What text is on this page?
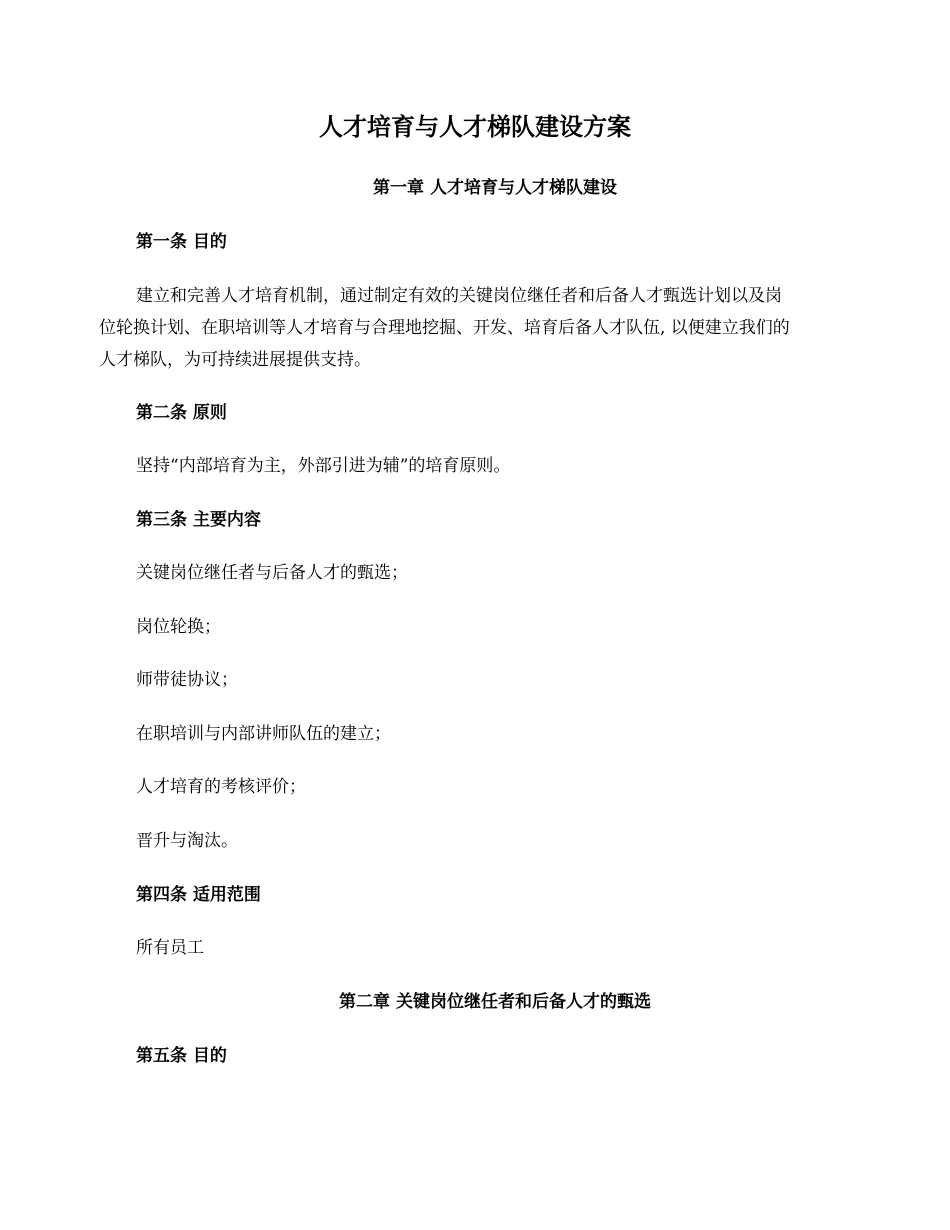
人才培育与人才梯队建设方案
第一章 人才培育与人才梯队建设
第一条 目的

建立和完善人才培育机制，通过制定有效的关键岗位继任者和后备人才甄选计划以及岗
位轮换计划、在职培训等人才培育与合理地挖掘、开发、培育后备人才队伍, 以便建立我们的
人才梯队，为可持续进展提供支持。

第二条 原则

坚持“内部培育为主，外部引进为辅”的培育原则。

第三条 主要内容

关键岗位继任者与后备人才的甄选；

岗位轮换；

师带徒协议；

在职培训与内部讲师队伍的建立；

人才培育的考核评价；

晋升与淘汰。

第四条 适用范围

所有员工

第二章 关键岗位继任者和后备人才的甄选
第五条 目的
